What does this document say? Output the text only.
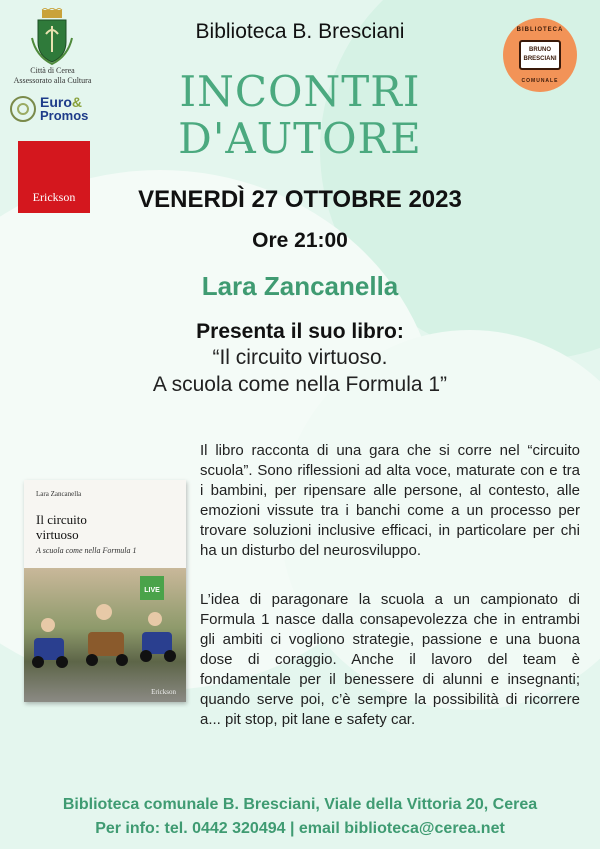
Città di Cerea
Assessorato alla Cultura
Euro&
Promos
Erickson
BIBLIOTECA
BRUNO
BRESCIANI
COMUNALE
Biblioteca B. Bresciani
INCONTRI
D'AUTORE
VENERDÌ 27 OTTOBRE 2023
Ore 21:00
Lara Zancanella
Presenta il suo libro:
“Il circuito virtuoso.
A scuola come nella Formula 1”
Lara Zancanella
Il circuito
virtuoso
A scuola come nella Formula 1
LIVE
Erickson
Il libro racconta di una gara che si corre nel “circuito scuola”. Sono riflessioni ad alta voce, maturate con e tra i bambini, per ripensare alle persone, al contesto, alle emozioni vissute tra i banchi come a un processo per trovare soluzioni inclusive efficaci, in particolare per chi ha un disturbo del neurosviluppo.
L’idea di paragonare la scuola a un campionato di Formula 1 nasce dalla consapevolezza che in entrambi gli ambiti ci vogliono strategie, passione e una buona dose di coraggio. Anche il lavoro del team è fondamentale per il benessere di alunni e insegnanti; quando serve poi, c’è sempre la possibilità di ricorrere a... pit stop, pit lane e safety car.
Biblioteca comunale B. Bresciani, Viale della Vittoria 20, Cerea
Per info: tel. 0442 320494 | email biblioteca@cerea.net
